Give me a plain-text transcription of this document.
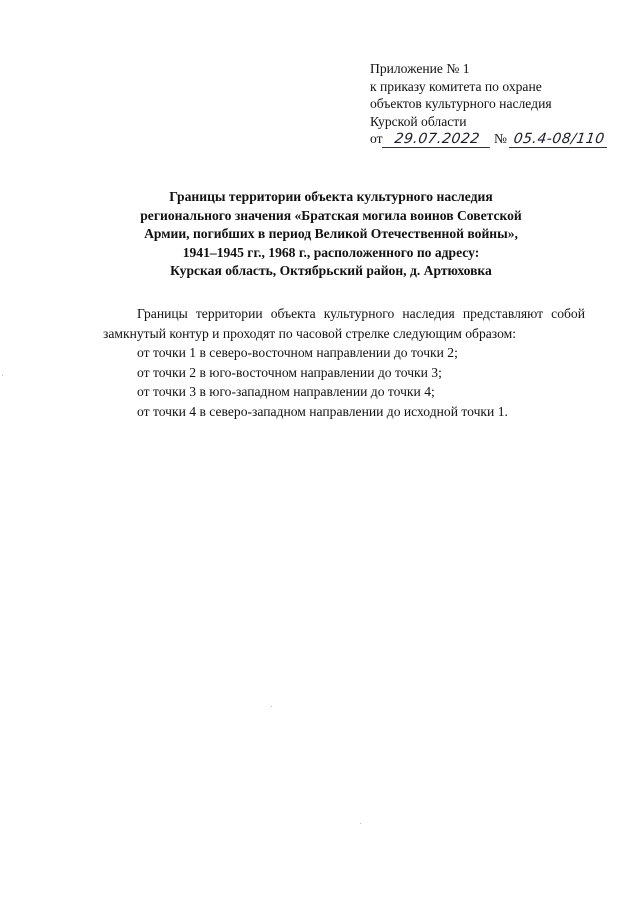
Приложение № 1
к приказу комитета по охране
объектов культурного наследия
Курской области
от 29.07.2022 № 05.4-08/110
Границы территории объекта культурного наследия
регионального значения «Братская могила воинов Советской
Армии, погибших в период Великой Отечественной войны»,
1941–1945 гг., 1968 г., расположенного по адресу:
Курская область, Октябрьский район, д. Артюховка

Границы территории объекта культурного наследия представляют собой замкнутый контур и проходят по часовой стрелке следующим образом:

от точки 1 в северо-восточном направлении до точки 2;
от точки 2 в юго-восточном направлении до точки 3;
от точки 3 в юго-западном направлении до точки 4;
от точки 4 в северо-западном направлении до исходной точки 1.
